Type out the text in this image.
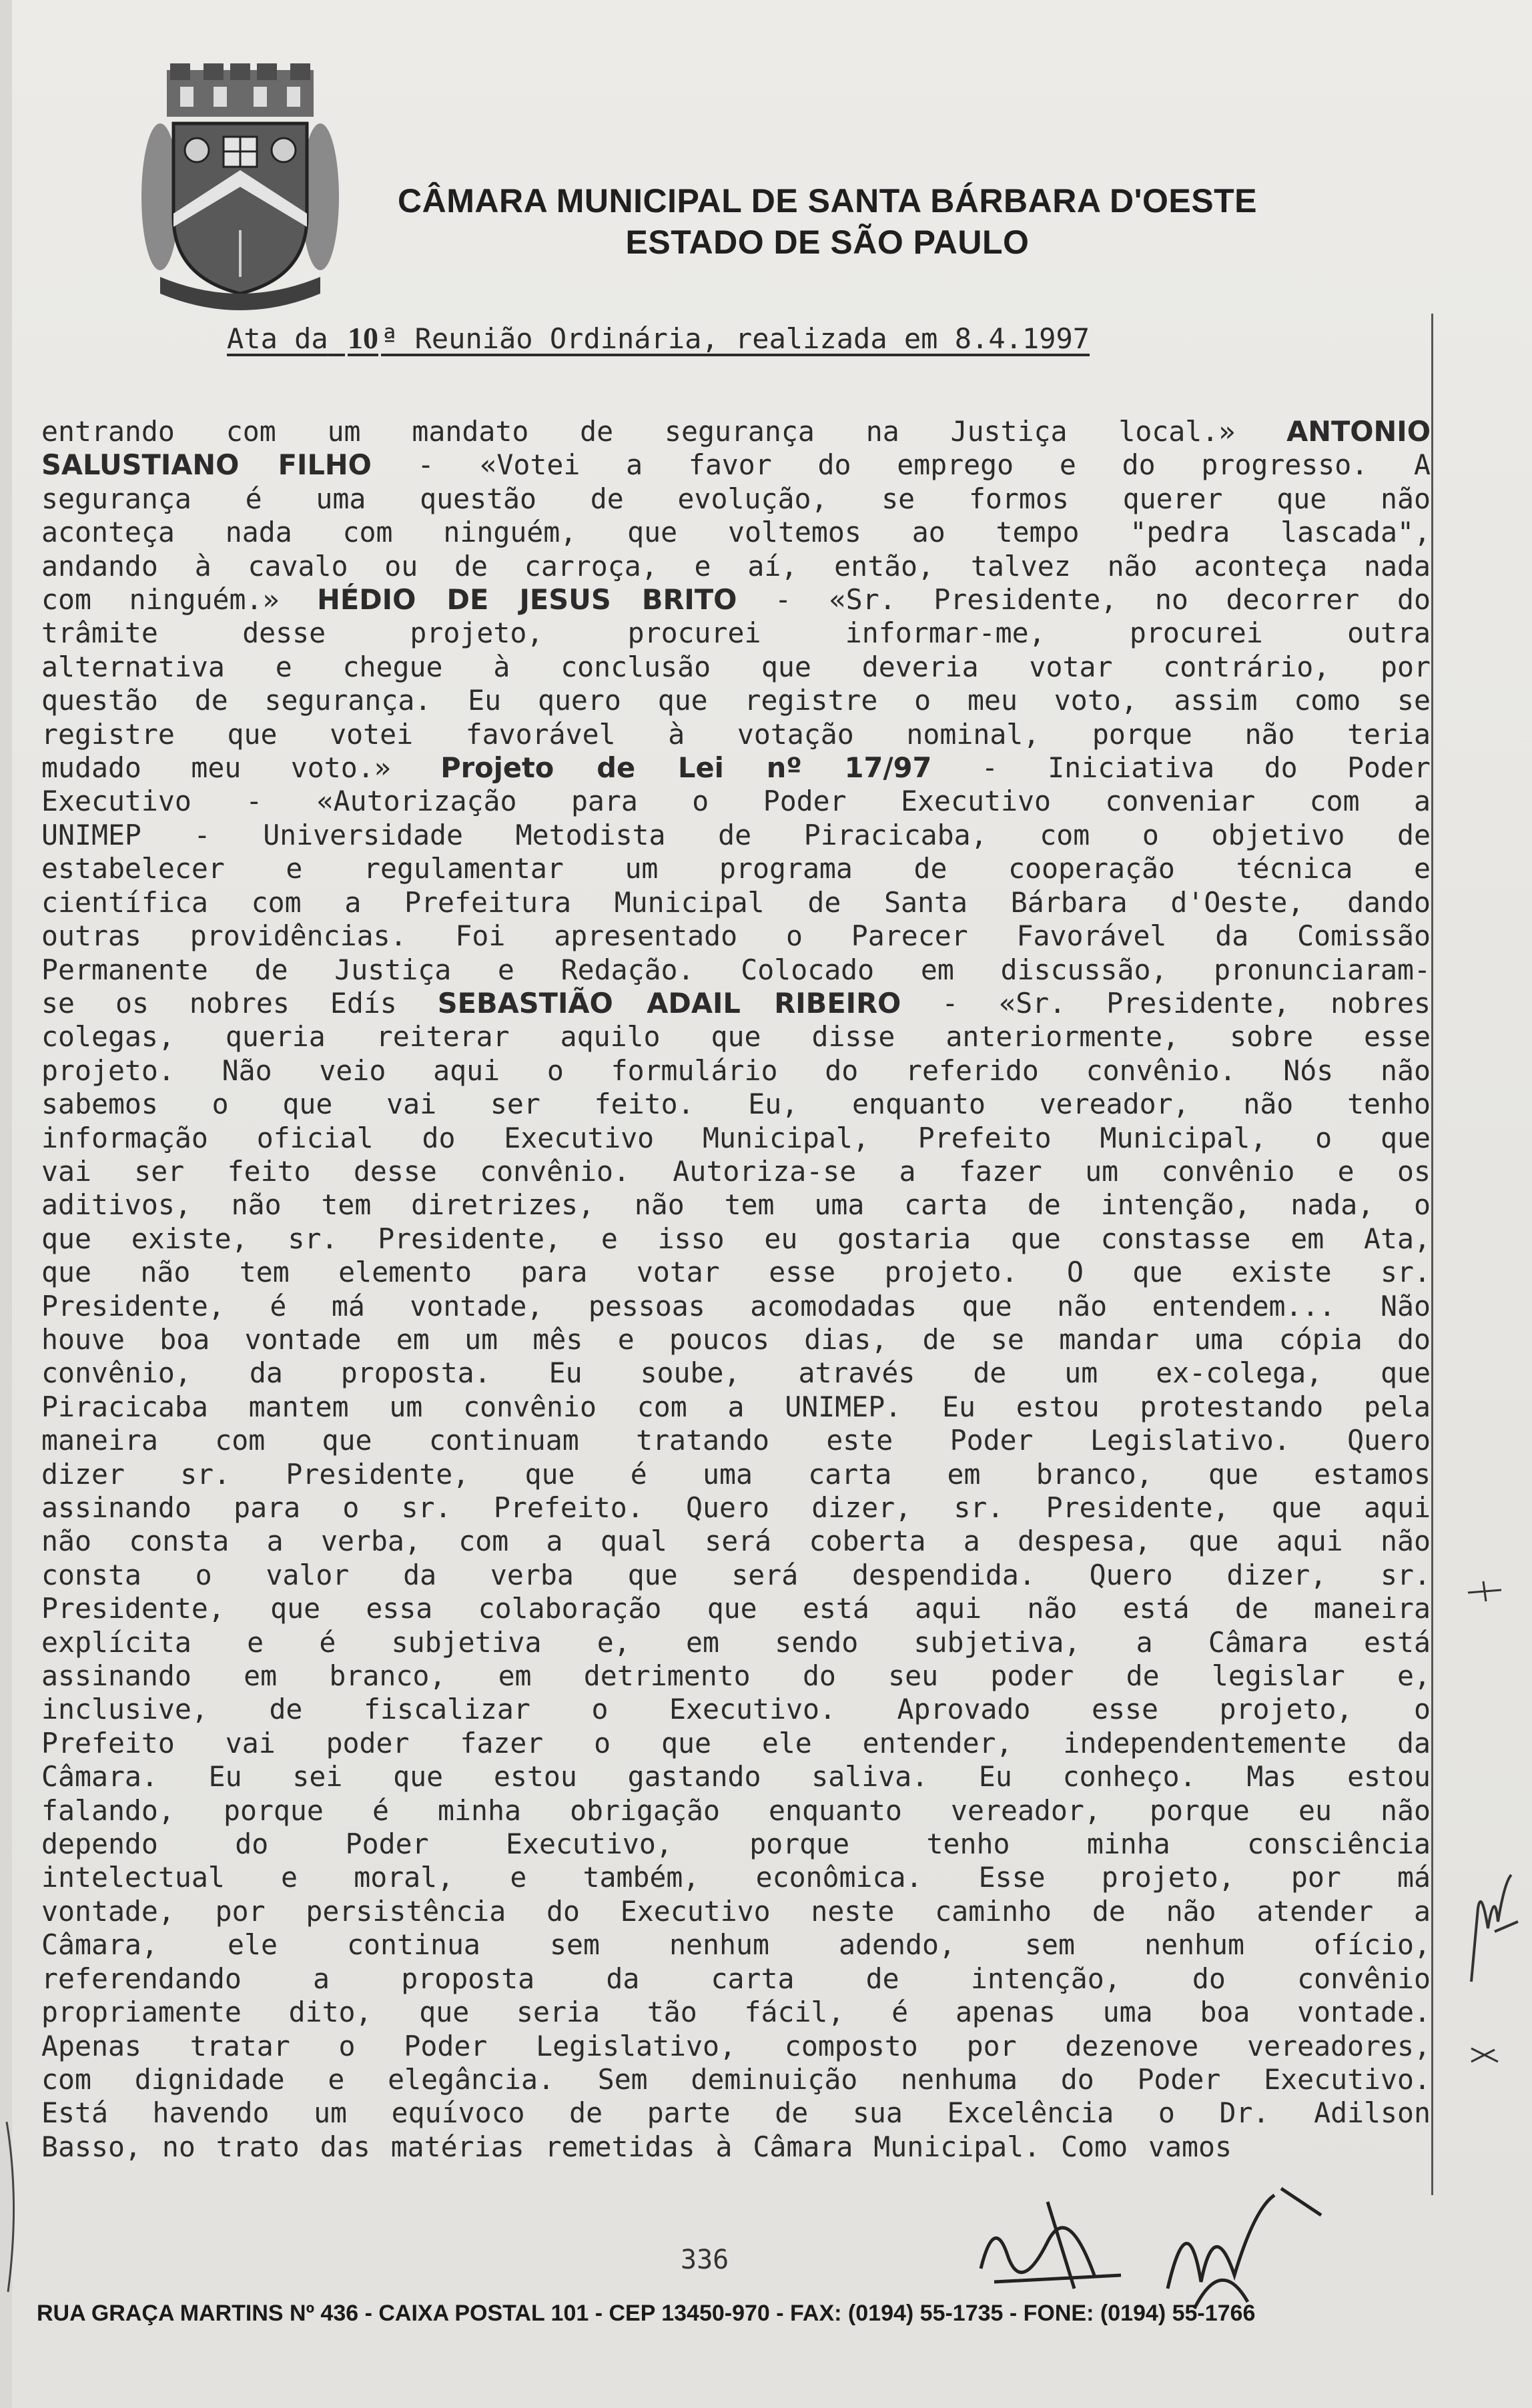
CÂMARA MUNICIPAL DE SANTA BÁRBARA D'OESTE
ESTADO DE SÃO PAULO
Ata da 10ª Reunião Ordinária, realizada em 8.4.1997

entrando com um mandato de segurança na Justiça local.» ANTONIO

SALUSTIANO FILHO - «Votei a favor do emprego e do progresso. A

segurança é uma questão de evolução, se formos querer que não

aconteça nada com ninguém, que voltemos ao tempo "pedra lascada",

andando à cavalo ou de carroça, e aí, então, talvez não aconteça nada

com ninguém.» HÉDIO DE JESUS BRITO - «Sr. Presidente, no decorrer do

trâmite desse projeto, procurei informar-me, procurei outra

alternativa e chegue à conclusão que deveria votar contrário, por

questão de segurança. Eu quero que registre o meu voto, assim como se

registre que votei favorável à votação nominal, porque não teria

mudado meu voto.» Projeto de Lei nº 17/97 - Iniciativa do Poder

Executivo - «Autorização para o Poder Executivo conveniar com a

UNIMEP - Universidade Metodista de Piracicaba, com o objetivo de

estabelecer e regulamentar um programa de cooperação técnica e

científica com a Prefeitura Municipal de Santa Bárbara d'Oeste, dando

outras providências. Foi apresentado o Parecer Favorável da Comissão

Permanente de Justiça e Redação. Colocado em discussão, pronunciaram-

se os nobres Edís SEBASTIÃO ADAIL RIBEIRO - «Sr. Presidente, nobres

colegas, queria reiterar aquilo que disse anteriormente, sobre esse

projeto. Não veio aqui o formulário do referido convênio. Nós não

sabemos o que vai ser feito. Eu, enquanto vereador, não tenho

informação oficial do Executivo Municipal, Prefeito Municipal, o que

vai ser feito desse convênio. Autoriza-se a fazer um convênio e os

aditivos, não tem diretrizes, não tem uma carta de intenção, nada, o

que existe, sr. Presidente, e isso eu gostaria que constasse em Ata,

que não tem elemento para votar esse projeto. O que existe sr.

Presidente, é má vontade, pessoas acomodadas que não entendem... Não

houve boa vontade em um mês e poucos dias, de se mandar uma cópia do

convênio, da proposta. Eu soube, através de um ex-colega, que

Piracicaba mantem um convênio com a UNIMEP. Eu estou protestando pela

maneira com que continuam tratando este Poder Legislativo. Quero

dizer sr. Presidente, que é uma carta em branco, que estamos

assinando para o sr. Prefeito. Quero dizer, sr. Presidente, que aqui

não consta a verba, com a qual será coberta a despesa, que aqui não

consta o valor da verba que será despendida. Quero dizer, sr.

Presidente, que essa colaboração que está aqui não está de maneira

explícita e é subjetiva e, em sendo subjetiva, a Câmara está

assinando em branco, em detrimento do seu poder de legislar e,

inclusive, de fiscalizar o Executivo. Aprovado esse projeto, o

Prefeito vai poder fazer o que ele entender, independentemente da

Câmara. Eu sei que estou gastando saliva. Eu conheço. Mas estou

falando, porque é minha obrigação enquanto vereador, porque eu não

dependo do Poder Executivo, porque tenho minha consciência

intelectual e moral, e também, econômica. Esse projeto, por má

vontade, por persistência do Executivo neste caminho de não atender a

Câmara, ele continua sem nenhum adendo, sem nenhum ofício,

referendando a proposta da carta de intenção, do convênio

propriamente dito, que seria tão fácil, é apenas uma boa vontade.

Apenas tratar o Poder Legislativo, composto por dezenove vereadores,

com dignidade e elegância. Sem deminuição nenhuma do Poder Executivo.

Está havendo um equívoco de parte de sua Excelência o Dr. Adilson

Basso, no trato das matérias remetidas à Câmara Municipal. Como vamos

336
RUA GRAÇA MARTINS Nº 436 - CAIXA POSTAL 101 - CEP 13450-970 - FAX: (0194) 55-1735 - FONE: (0194) 55-1766
